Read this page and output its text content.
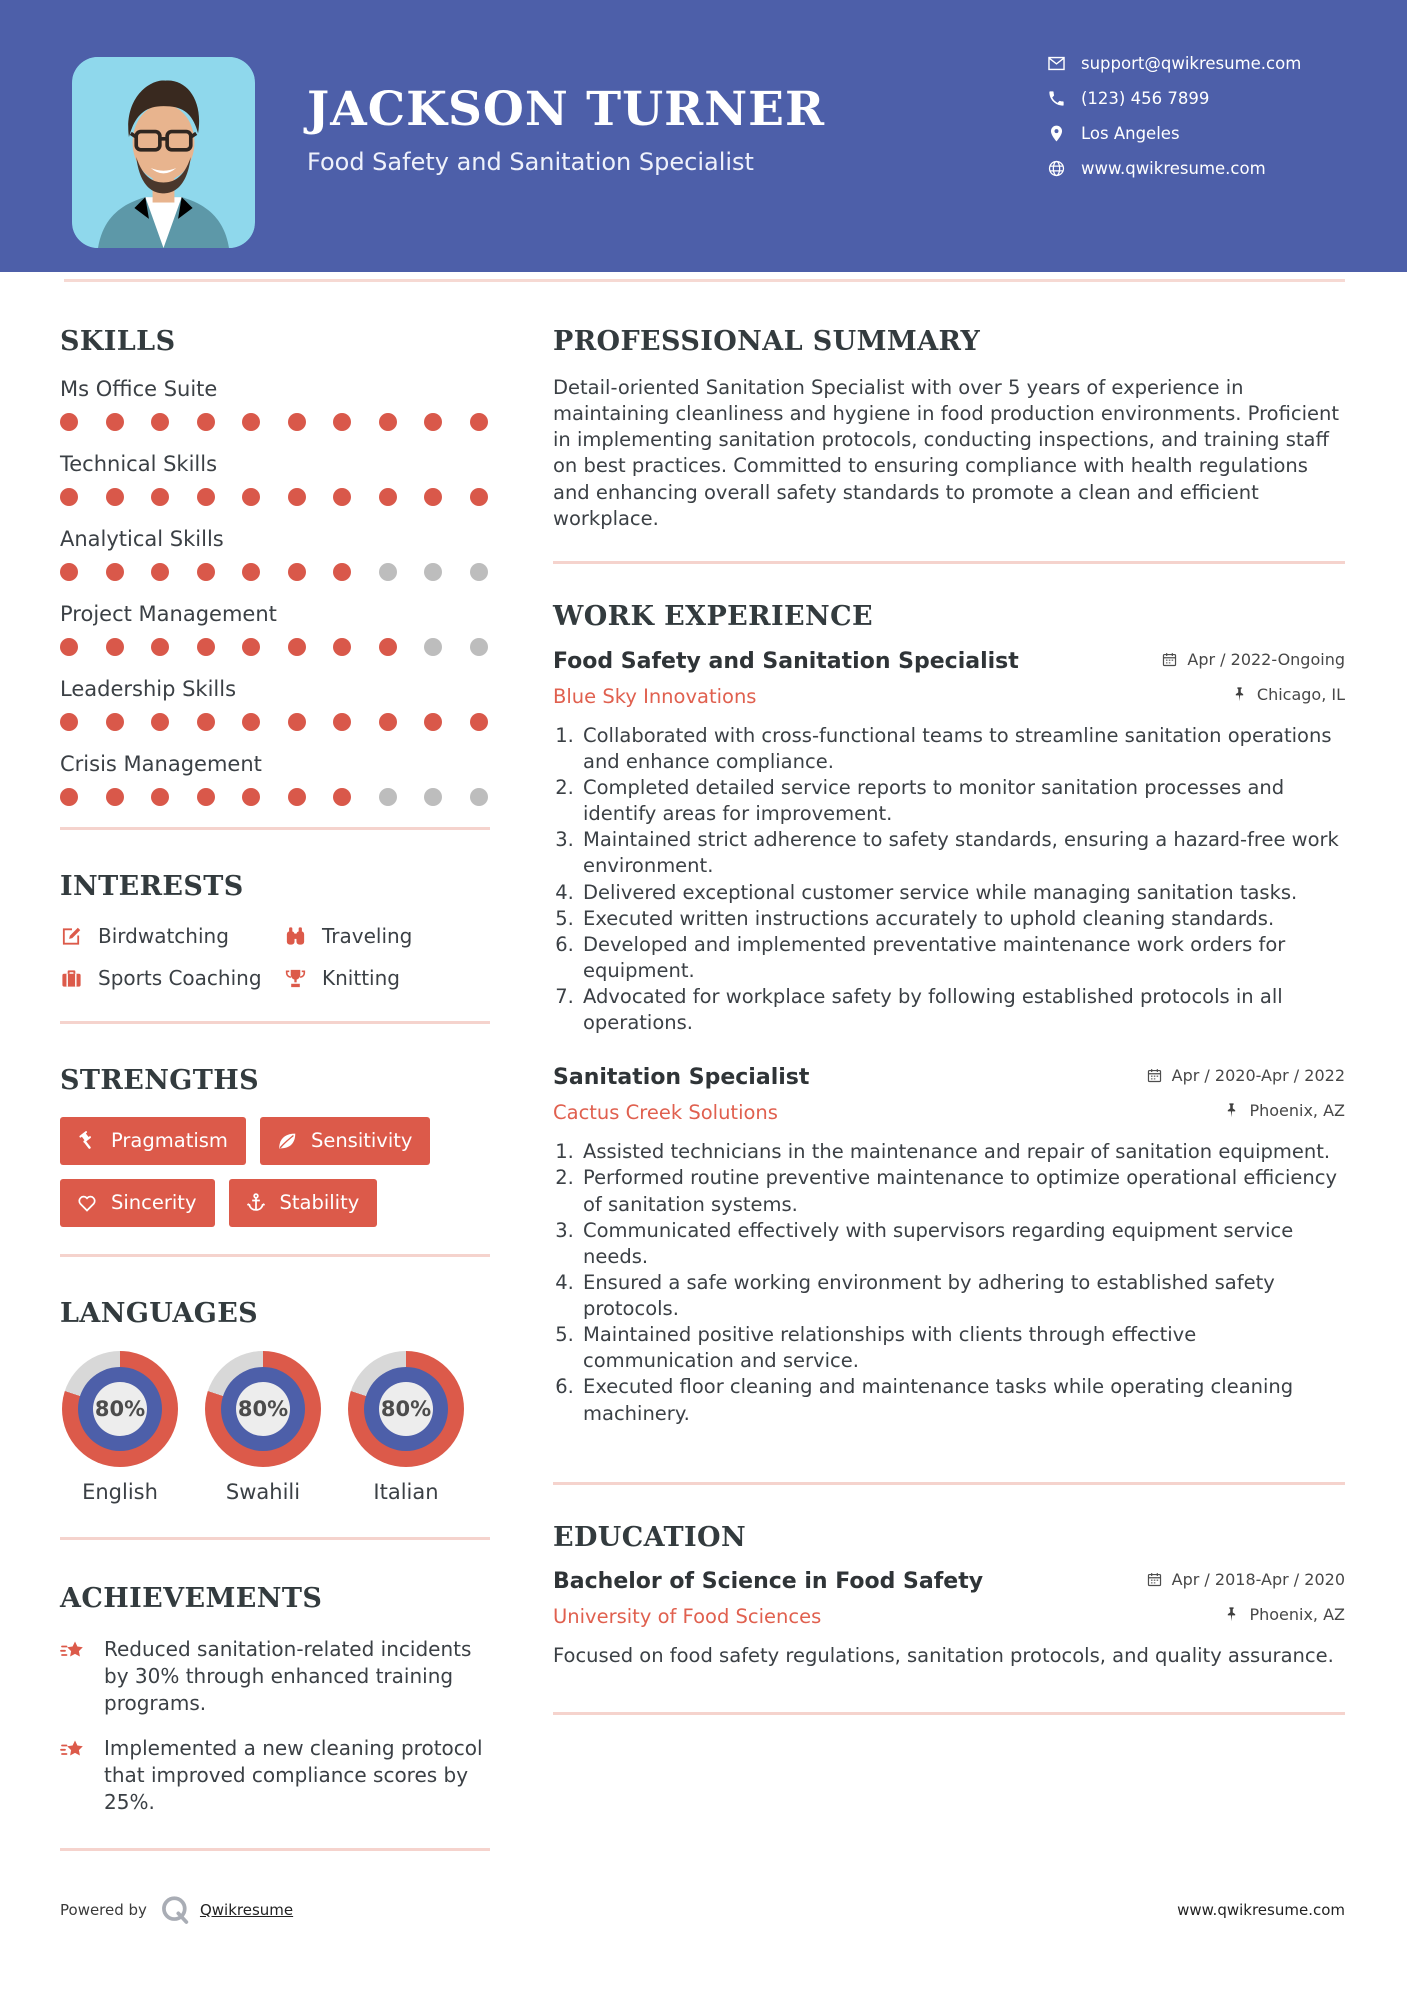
JACKSON TURNER
Food Safety and Sanitation Specialist
support@qwikresume.com
(123) 456 7899
Los Angeles
www.qwikresume.com
SKILLS
Ms Office Suite
Technical Skills
Analytical Skills
Project Management
Leadership Skills
Crisis Management
INTERESTS
Birdwatching	Traveling
Sports Coaching	Knitting
STRENGTHS
Pragmatism	Sensitivity
Sincerity	Stability
LANGUAGES
80%
English
80%
Swahili
80%
Italian
ACHIEVEMENTS

Reduced sanitation-related incidents by 30% through enhanced training programs.

Implemented a new cleaning protocol that improved compliance scores by 25%.

PROFESSIONAL SUMMARY

Detail-oriented Sanitation Specialist with over 5 years of experience in maintaining cleanliness and hygiene in food production environments. Proficient in implementing sanitation protocols, conducting inspections, and training staff on best practices. Committed to ensuring compliance with health regulations and enhancing overall safety standards to promote a clean and efficient workplace.

WORK EXPERIENCE
Food Safety and Sanitation Specialist	Apr / 2022-Ongoing
Blue Sky Innovations	Chicago, IL
1. Collaborated with cross-functional teams to streamline sanitation operations and enhance compliance.
2. Completed detailed service reports to monitor sanitation processes and identify areas for improvement.
3. Maintained strict adherence to safety standards, ensuring a hazard-free work environment.
4. Delivered exceptional customer service while managing sanitation tasks.
5. Executed written instructions accurately to uphold cleaning standards.
6. Developed and implemented preventative maintenance work orders for equipment.
7. Advocated for workplace safety by following established protocols in all operations.
Sanitation Specialist	Apr / 2020-Apr / 2022
Cactus Creek Solutions	Phoenix, AZ
1. Assisted technicians in the maintenance and repair of sanitation equipment.
2. Performed routine preventive maintenance to optimize operational efficiency of sanitation systems.
3. Communicated effectively with supervisors regarding equipment service needs.
4. Ensured a safe working environment by adhering to established safety protocols.
5. Maintained positive relationships with clients through effective communication and service.
6. Executed floor cleaning and maintenance tasks while operating cleaning machinery.
EDUCATION
Bachelor of Science in Food Safety	Apr / 2018-Apr / 2020
University of Food Sciences	Phoenix, AZ

Focused on food safety regulations, sanitation protocols, and quality assurance.

Powered by	Qwikresume	www.qwikresume.com
